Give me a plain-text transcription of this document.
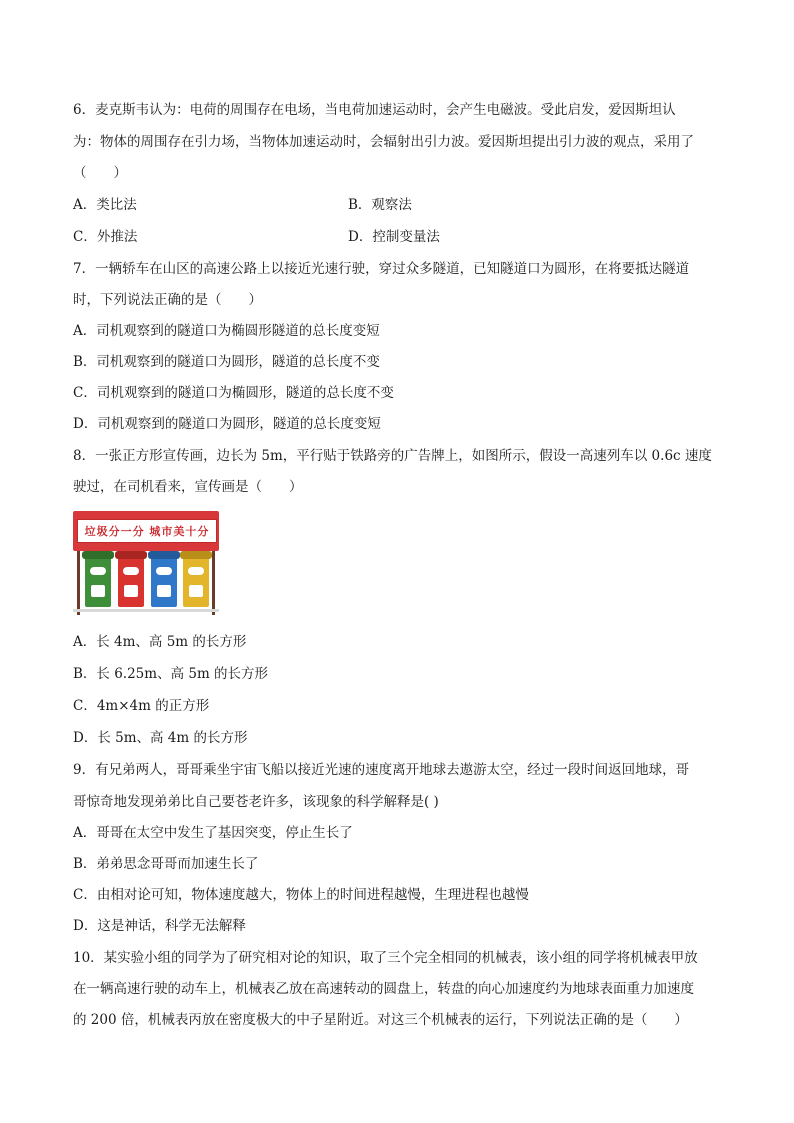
6．麦克斯韦认为：电荷的周围存在电场，当电荷加速运动时，会产生电磁波。受此启发，爱因斯坦认
为：物体的周围存在引力场，当物体加速运动时，会辐射出引力波。爱因斯坦提出引力波的观点，采用了
（　　）
A．类比法	B．观察法
C．外推法	D．控制变量法
7．一辆轿车在山区的高速公路上以接近光速行驶，穿过众多隧道，已知隧道口为圆形，在将要抵达隧道
时，下列说法正确的是（　　）
A．司机观察到的隧道口为椭圆形隧道的总长度变短
B．司机观察到的隧道口为圆形，隧道的总长度不变
C．司机观察到的隧道口为椭圆形，隧道的总长度不变
D．司机观察到的隧道口为圆形，隧道的总长度变短
8．一张正方形宣传画，边长为 5m，平行贴于铁路旁的广告牌上，如图所示，假设一高速列车以 0.6c 速度
驶过，在司机看来，宣传画是（　　）
垃圾分一分 城市美十分
A．长 4m、高 5m 的长方形
B．长 6.25m、高 5m 的长方形
C．4m×4m 的正方形
D．长 5m、高 4m 的长方形
9．有兄弟两人，哥哥乘坐宇宙飞船以接近光速的速度离开地球去遨游太空，经过一段时间返回地球，哥
哥惊奇地发现弟弟比自己要苍老许多，该现象的科学解释是( )
A．哥哥在太空中发生了基因突变，停止生长了
B．弟弟思念哥哥而加速生长了
C．由相对论可知，物体速度越大，物体上的时间进程越慢，生理进程也越慢
D．这是神话，科学无法解释
10．某实验小组的同学为了研究相对论的知识，取了三个完全相同的机械表，该小组的同学将机械表甲放
在一辆高速行驶的动车上，机械表乙放在高速转动的圆盘上，转盘的向心加速度约为地球表面重力加速度
的 200 倍，机械表丙放在密度极大的中子星附近。对这三个机械表的运行，下列说法正确的是（　　）
